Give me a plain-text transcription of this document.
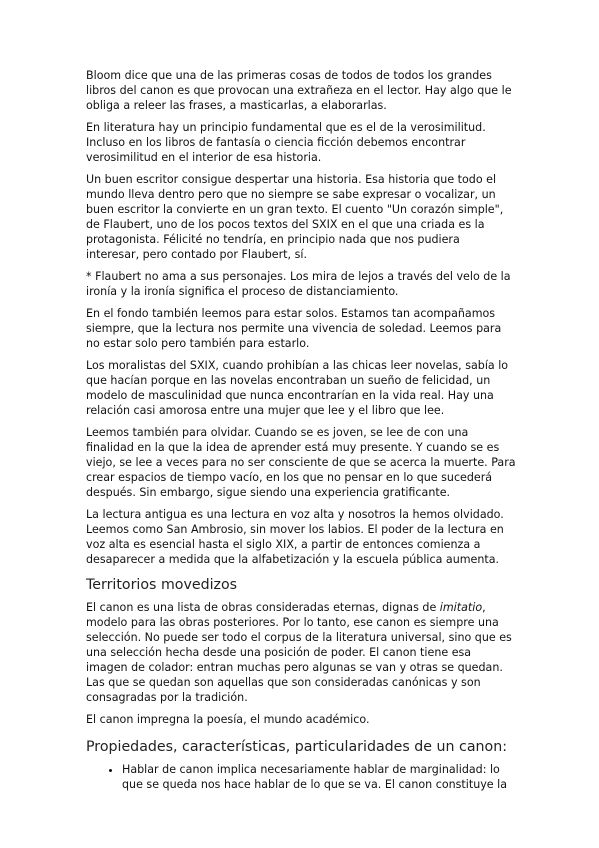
Bloom dice que una de las primeras cosas de todos de todos los grandes libros del canon es que provocan una extrañeza en el lector. Hay algo que le obliga a releer las frases, a masticarlas, a elaborarlas.

En literatura hay un principio fundamental que es el de la verosimilitud. Incluso en los libros de fantasía o ciencia ficción debemos encontrar verosimilitud en el interior de esa historia.

Un buen escritor consigue despertar una historia. Esa historia que todo el mundo lleva dentro pero que no siempre se sabe expresar o vocalizar, un buen escritor la convierte en un gran texto. El cuento "Un corazón simple", de Flaubert, uno de los pocos textos del SXIX en el que una criada es la protagonista. Félicité no tendría, en principio nada que nos pudiera interesar, pero contado por Flaubert, sí.

* Flaubert no ama a sus personajes. Los mira de lejos a través del velo de la ironía y la ironía significa el proceso de distanciamiento.

En el fondo también leemos para estar solos. Estamos tan acompañamos siempre, que la lectura nos permite una vivencia de soledad. Leemos para no estar solo pero también para estarlo.

Los moralistas del SXIX, cuando prohibían a las chicas leer novelas, sabía lo que hacían porque en las novelas encontraban un sueño de felicidad, un modelo de masculinidad que nunca encontrarían en la vida real. Hay una relación casi amorosa entre una mujer que lee y el libro que lee.

Leemos también para olvidar. Cuando se es joven, se lee de con una finalidad en la que la idea de aprender está muy presente. Y cuando se es viejo, se lee a veces para no ser consciente de que se acerca la muerte. Para crear espacios de tiempo vacío, en los que no pensar en lo que sucederá después. Sin embargo, sigue siendo una experiencia gratificante.

La lectura antigua es una lectura en voz alta y nosotros la hemos olvidado. Leemos como San Ambrosio, sin mover los labios. El poder de la lectura en voz alta es esencial hasta el siglo XIX, a partir de entonces comienza a desaparecer a medida que la alfabetización y la escuela pública aumenta.

Territorios movedizos

El canon es una lista de obras consideradas eternas, dignas de imitatio, modelo para las obras posteriores. Por lo tanto, ese canon es siempre una selección. No puede ser todo el corpus de la literatura universal, sino que es una selección hecha desde una posición de poder. El canon tiene esa imagen de colador: entran muchas pero algunas se van y otras se quedan. Las que se quedan son aquellas que son consideradas canónicas y son consagradas por la tradición.

El canon impregna la poesía, el mundo académico.

Propiedades, características, particularidades de un canon:
• Hablar de canon implica necesariamente hablar de marginalidad: lo que se queda nos hace hablar de lo que se va. El canon constituye la
